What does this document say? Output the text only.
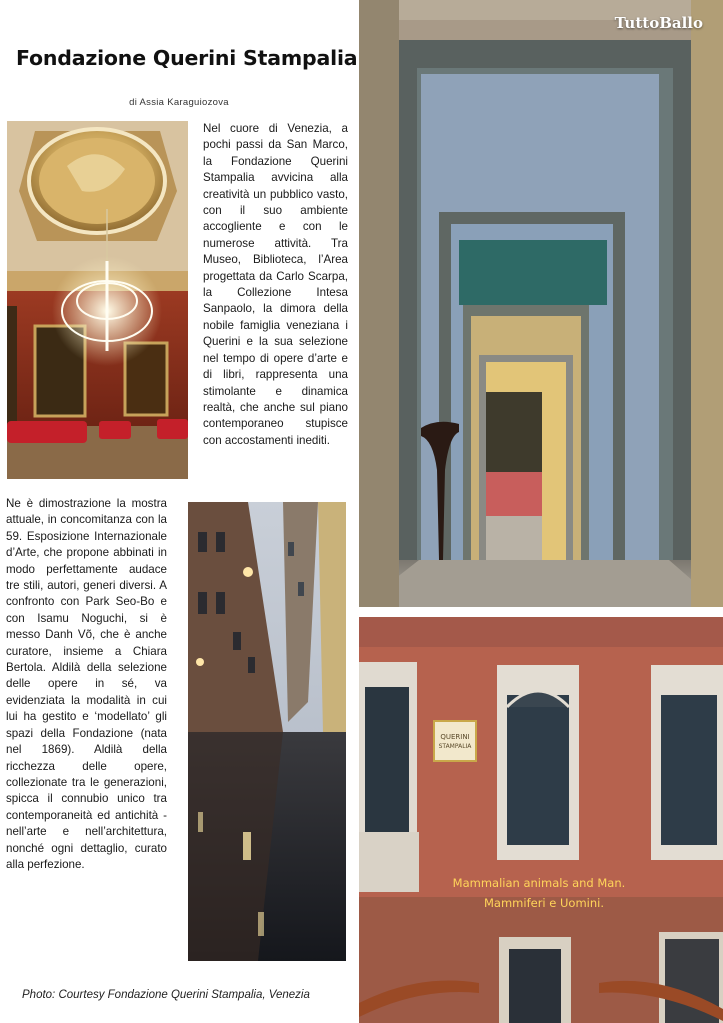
Fondazione Querini Stampalia
di Assia Karaguiozova
Nel cuore di Venezia, a pochi passi da San Marco, la Fondazione Querini Stampalia avvicina alla creatività un pubblico vasto, con il suo ambiente accogliente e con le numerose attività. Tra Museo, Biblioteca, l’Area progettata da Carlo Scarpa, la Collezione Intesa Sanpaolo, la dimora della nobile famiglia veneziana i Querini e la sua selezione nel tempo di opere d’arte e di libri, rappresenta una stimolante e dinamica realtà, che anche sul piano contemporaneo stupisce con accostamenti inediti.
Ne è dimostrazione la mostra attuale, in concomitanza con la 59. Esposizione Internazionale d’Arte, che propone abbinati in modo perfettamente audace tre stili, autori, generi diversi. A confronto con Park Seo-Bo e con Isamu Noguchi, si è messo Danh Võ, che è anche curatore, insieme a Chiara Bertola. Aldilà della selezione delle opere in sé, va evidenziata la modalità in cui lui ha gestito e ‘modellato’ gli spazi della Fondazione (nata nel 1869). Aldilà della ricchezza delle opere, collezionate tra le generazioni, spicca il connubio unico tra contemporaneità ed antichità - nell’arte e nell’architettura, nonché ogni dettaglio, curato alla perfezione.
Photo: Courtesy Fondazione Querini Stampalia, Venezia
TuttoBallo
QUERINI
STAMPALIA
Mammalian animals and Man.
Mammiferi e Uomini.
